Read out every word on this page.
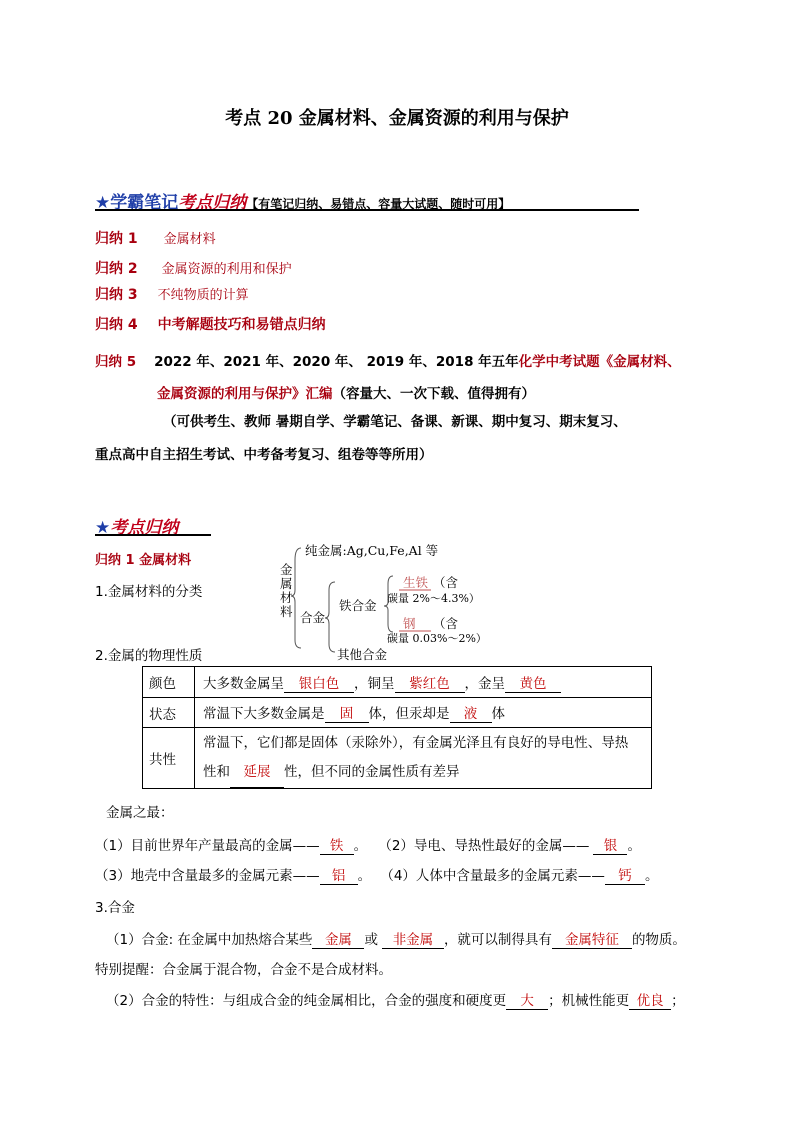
考点 20 金属材料、金属资源的利用与保护
★学霸笔记考点归纳【有笔记归纳、易错点、容量大试题、随时可用】
归纳 1 金属材料
归纳 2 金属资源的利用和保护
归纳 3 不纯物质的计算
归纳 4 中考解题技巧和易错点归纳
归纳 5 2022 年、2021 年、2020 年、 2019 年、2018 年五年化学中考试题《金属材料、
金属资源的利用与保护》汇编（容量大、一次下载、值得拥有）
（可供考生、教师 暑期自学、学霸笔记、备课、新课、期中复习、期末复习、
重点高中自主招生考试、中考备考复习、组卷等等所用）
★考点归纳
归纳 1 金属材料
1.金属材料的分类
金
属
材
料
纯金属:Ag,Cu,Fe,Al 等
合金
铁合金
生铁 （含
钢 （含
其他合金
碳量 2%～4.3%）
碳量 0.03%～2%）
2.金属的物理性质
颜色	大多数金属呈 银白色 ，铜呈 紫红色 ，金呈 黄色
状态	常温下大多数金属是 固 体，但汞却是 液 体
共性	常温下，它们都是固体（汞除外），有金属光泽且有良好的导电性、导热
性和 延展 性，但不同的金属性质有差异
金属之最：
（1）目前世界年产量最高的金属—— 铁 。 （2）导电、导热性最好的金属—— 银 。
（3）地壳中含量最多的金属元素—— 铝 。 （4）人体中含量最多的金属元素—— 钙 。
3.合金
（1）合金: 在金属中加热熔合某些 金属 或 非金属 ，就可以制得具有 金属特征 的物质。
特别提醒：合金属于混合物，合金不是合成材料。
（2）合金的特性：与组成合金的纯金属相比，合金的强度和硬度更 大 ；机械性能更 优良 ；
